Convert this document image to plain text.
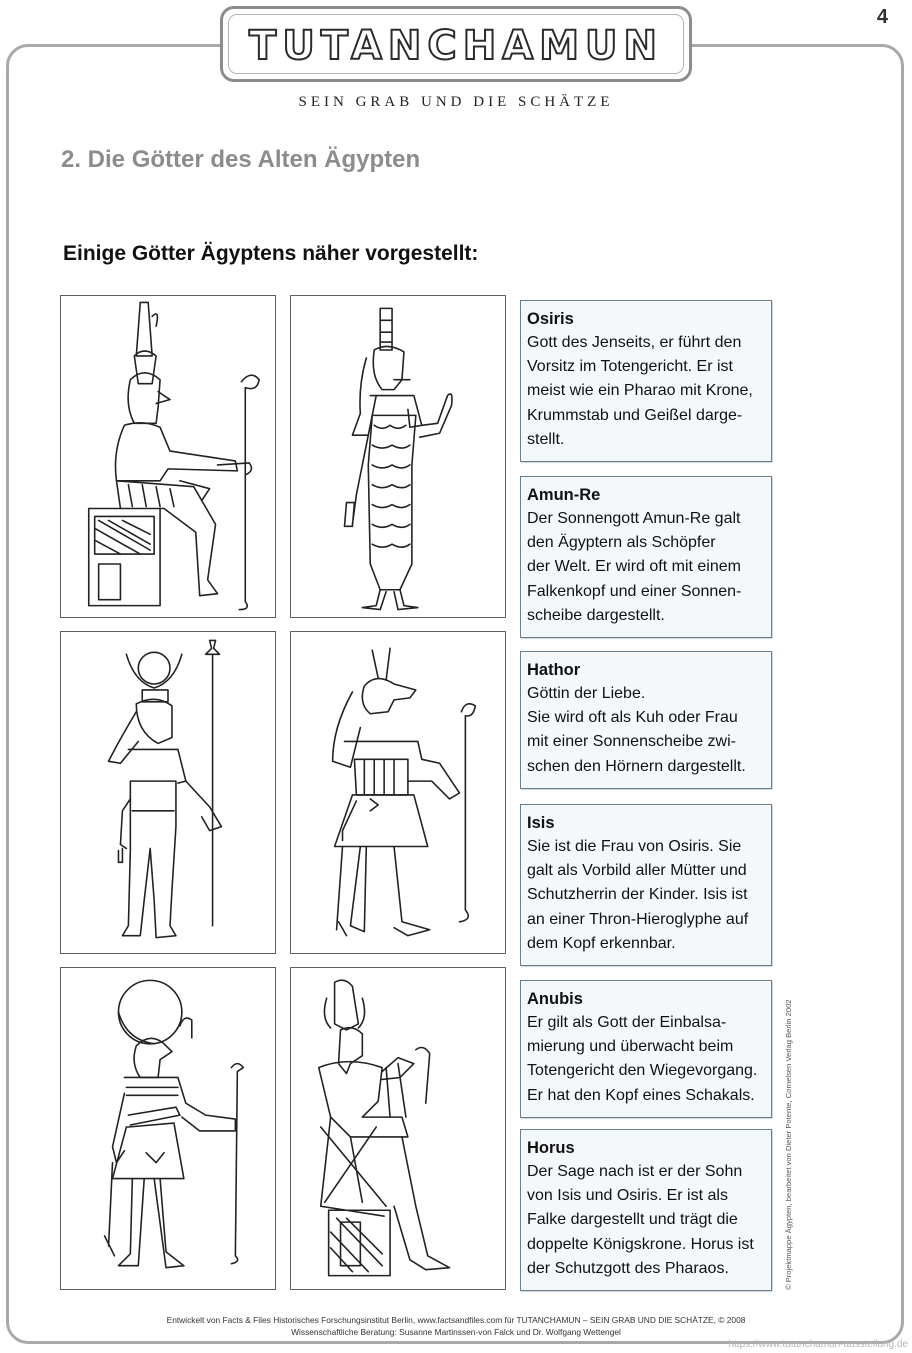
TUTANCHAMUN
SEIN GRAB UND DIE SCHÄTZE
4
2. Die Götter des Alten Ägypten
Einige Götter Ägyptens näher vorgestellt:
Osiris
Gott des Jenseits, er führt den
Vorsitz im Totengericht. Er ist
meist wie ein Pharao mit Krone,
Krummstab und Geißel darge-
stellt.
Hathor
Göttin der Liebe.
Sie wird oft als Kuh oder Frau
mit einer Sonnenscheibe zwi-
schen den Hörnern dargestellt.
Amun-Re
Der Sonnengott Amun-Re galt
den Ägyptern als Schöpfer
der Welt. Er wird oft mit einem
Falkenkopf und einer Sonnen-
scheibe dargestellt.
Isis
Sie ist die Frau von Osiris. Sie
galt als Vorbild aller Mütter und
Schutzherrin der Kinder. Isis ist
an einer Thron-Hieroglyphe auf
dem Kopf erkennbar.
Anubis
Er gilt als Gott der Einbalsa-
mierung und überwacht beim
Totengericht den Wiegevorgang.
Er hat den Kopf eines Schakals.
Horus
Der Sage nach ist er der Sohn
von Isis und Osiris. Er ist als
Falke dargestellt und trägt die
doppelte Königskrone. Horus ist
der Schutzgott des Pharaos.	© Projektmappe Ägypten, bearbeitet von Dieter Potente, Cornelsen Verlag Berlin 2002
Entwickelt von Facts & Files Historisches Forschungsinstitut Berlin, www.factsandfiles.com für TUTANCHAMUN – SEIN GRAB UND DIE SCHÄTZE, © 2008
Wissenschaftliche Beratung: Susanne Martinssen-von Falck und Dr. Wolfgang Wettengel
https://www.tutanchamun-ausstellung.de
